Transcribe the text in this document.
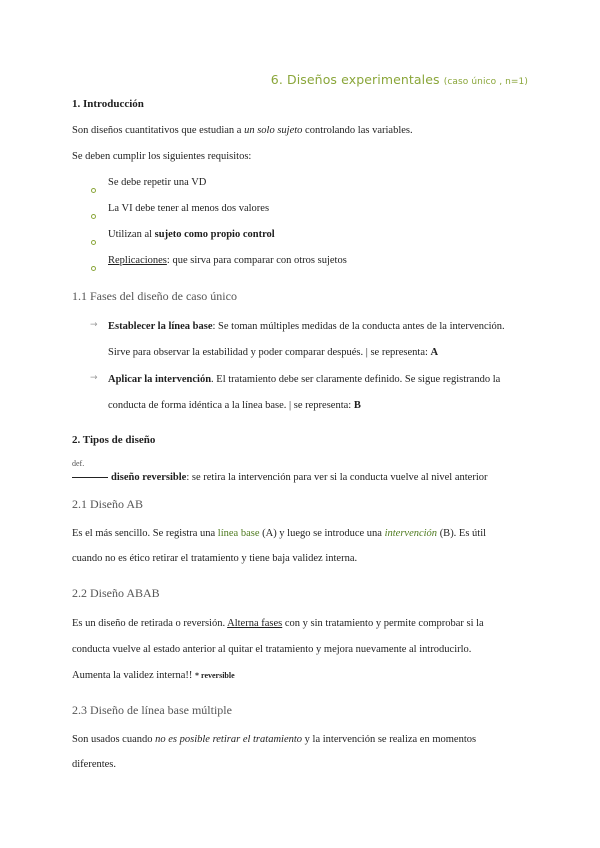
6. Diseños experimentales (caso único , n=1)
1. Introducción
Son diseños cuantitativos que estudian a un solo sujeto controlando las variables.
Se deben cumplir los siguientes requisitos:
Se debe repetir una VD
La VI debe tener al menos dos valores
Utilizan al sujeto como propio control
Replicaciones: que sirva para comparar con otros sujetos
1.1 Fases del diseño de caso único
→ Establecer la línea base: Se toman múltiples medidas de la conducta antes de la intervención.
Sirve para observar la estabilidad y poder comparar después. | se representa: A
→ Aplicar la intervención. El tratamiento debe ser claramente definido. Se sigue registrando la
conducta de forma idéntica a la línea base. | se representa: B
2. Tipos de diseño
def.
diseño reversible: se retira la intervención para ver si la conducta vuelve al nivel anterior
2.1 Diseño AB
Es el más sencillo. Se registra una línea base (A) y luego se introduce una intervención (B). Es útil
cuando no es ético retirar el tratamiento y tiene baja validez interna.
2.2 Diseño ABAB
Es un diseño de retirada o reversión. Alterna fases con y sin tratamiento y permite comprobar si la
conducta vuelve al estado anterior al quitar el tratamiento y mejora nuevamente al introducirlo.
Aumenta la validez interna!! * reversible
2.3 Diseño de línea base múltiple
Son usados cuando no es posible retirar el tratamiento y la intervención se realiza en momentos
diferentes.
